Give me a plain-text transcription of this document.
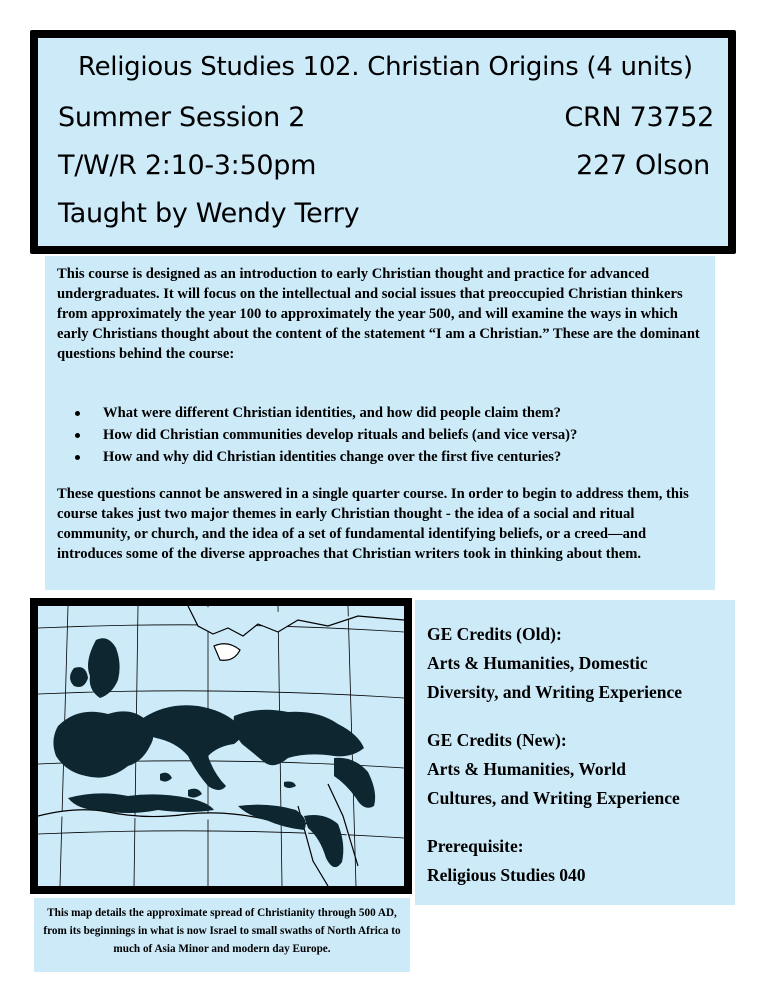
Religious Studies 102. Christian Origins (4 units)
Summer Session 2	CRN 73752
T/W/R 2:10-3:50pm	227 Olson
Taught by Wendy Terry

This course is designed as an introduction to early Christian thought and practice for advanced undergraduates. It will focus on the intellectual and social issues that preoccupied Christian thinkers from approximately the year 100 to approximately the year 500, and will examine the ways in which early Christians thought about the content of the statement “I am a Christian.” These are the dominant questions behind the course:

What were different Christian identities, and how did people claim them?
How did Christian communities develop rituals and beliefs (and vice versa)?
How and why did Christian identities change over the first five centuries?

These questions cannot be answered in a single quarter course. In order to begin to address them, this course takes just two major themes in early Christian thought - the idea of a social and ritual community, or church, and the idea of a set of fundamental identifying beliefs, or a creed—and introduces some of the diverse approaches that Christian writers took in thinking about them.

This map details the approximate spread of Christianity through 500 AD, from its beginnings in what is now Israel to small swaths of North Africa to much of Asia Minor and modern day Europe.
GE Credits (Old):
Arts & Humanities, Domestic
Diversity, and Writing Experience
GE Credits (New):
Arts & Humanities, World
Cultures, and Writing Experience
Prerequisite:
Religious Studies 040
